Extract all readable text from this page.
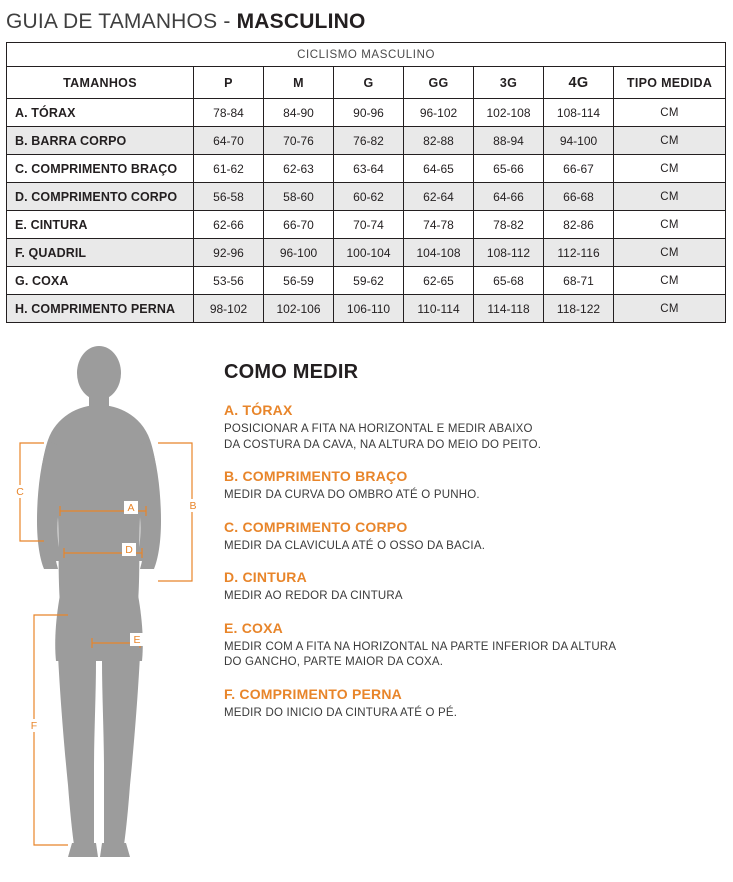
GUIA DE TAMANHOS - MASCULINO
CICLISMO MASCULINO							
TAMANHOS	P	M	G	GG	3G	4G	TIPO MEDIDA
A. TÓRAX	78-84	84-90	90-96	96-102	102-108	108-114	CM
B. BARRA CORPO	64-70	70-76	76-82	82-88	88-94	94-100	CM
C. COMPRIMENTO BRAÇO	61-62	62-63	63-64	64-65	65-66	66-67	CM
D. COMPRIMENTO CORPO	56-58	58-60	60-62	62-64	64-66	66-68	CM
E. CINTURA	62-66	66-70	70-74	74-78	78-82	82-86	CM
F. QUADRIL	92-96	96-100	100-104	104-108	108-112	112-116	CM
G. COXA	53-56	56-59	59-62	62-65	65-68	68-71	CM
H. COMPRIMENTO PERNA	98-102	102-106	106-110	110-114	114-118	118-122	CM
A	B
C
D
E
F
COMO MEDIR
A. TÓRAX

POSICIONAR A FITA NA HORIZONTAL E MEDIR ABAIXO

DA COSTURA DA CAVA, NA ALTURA DO MEIO DO PEITO.

B. COMPRIMENTO BRAÇO

MEDIR DA CURVA DO OMBRO ATÉ O PUNHO.

C. COMPRIMENTO CORPO

MEDIR DA CLAVICULA ATÉ O OSSO DA BACIA.

D. CINTURA

MEDIR AO REDOR DA CINTURA

E. COXA

MEDIR COM A FITA NA HORIZONTAL NA PARTE INFERIOR DA ALTURA

DO GANCHO, PARTE MAIOR DA COXA.

F. COMPRIMENTO PERNA

MEDIR DO INICIO DA CINTURA ATÉ O PÉ.
